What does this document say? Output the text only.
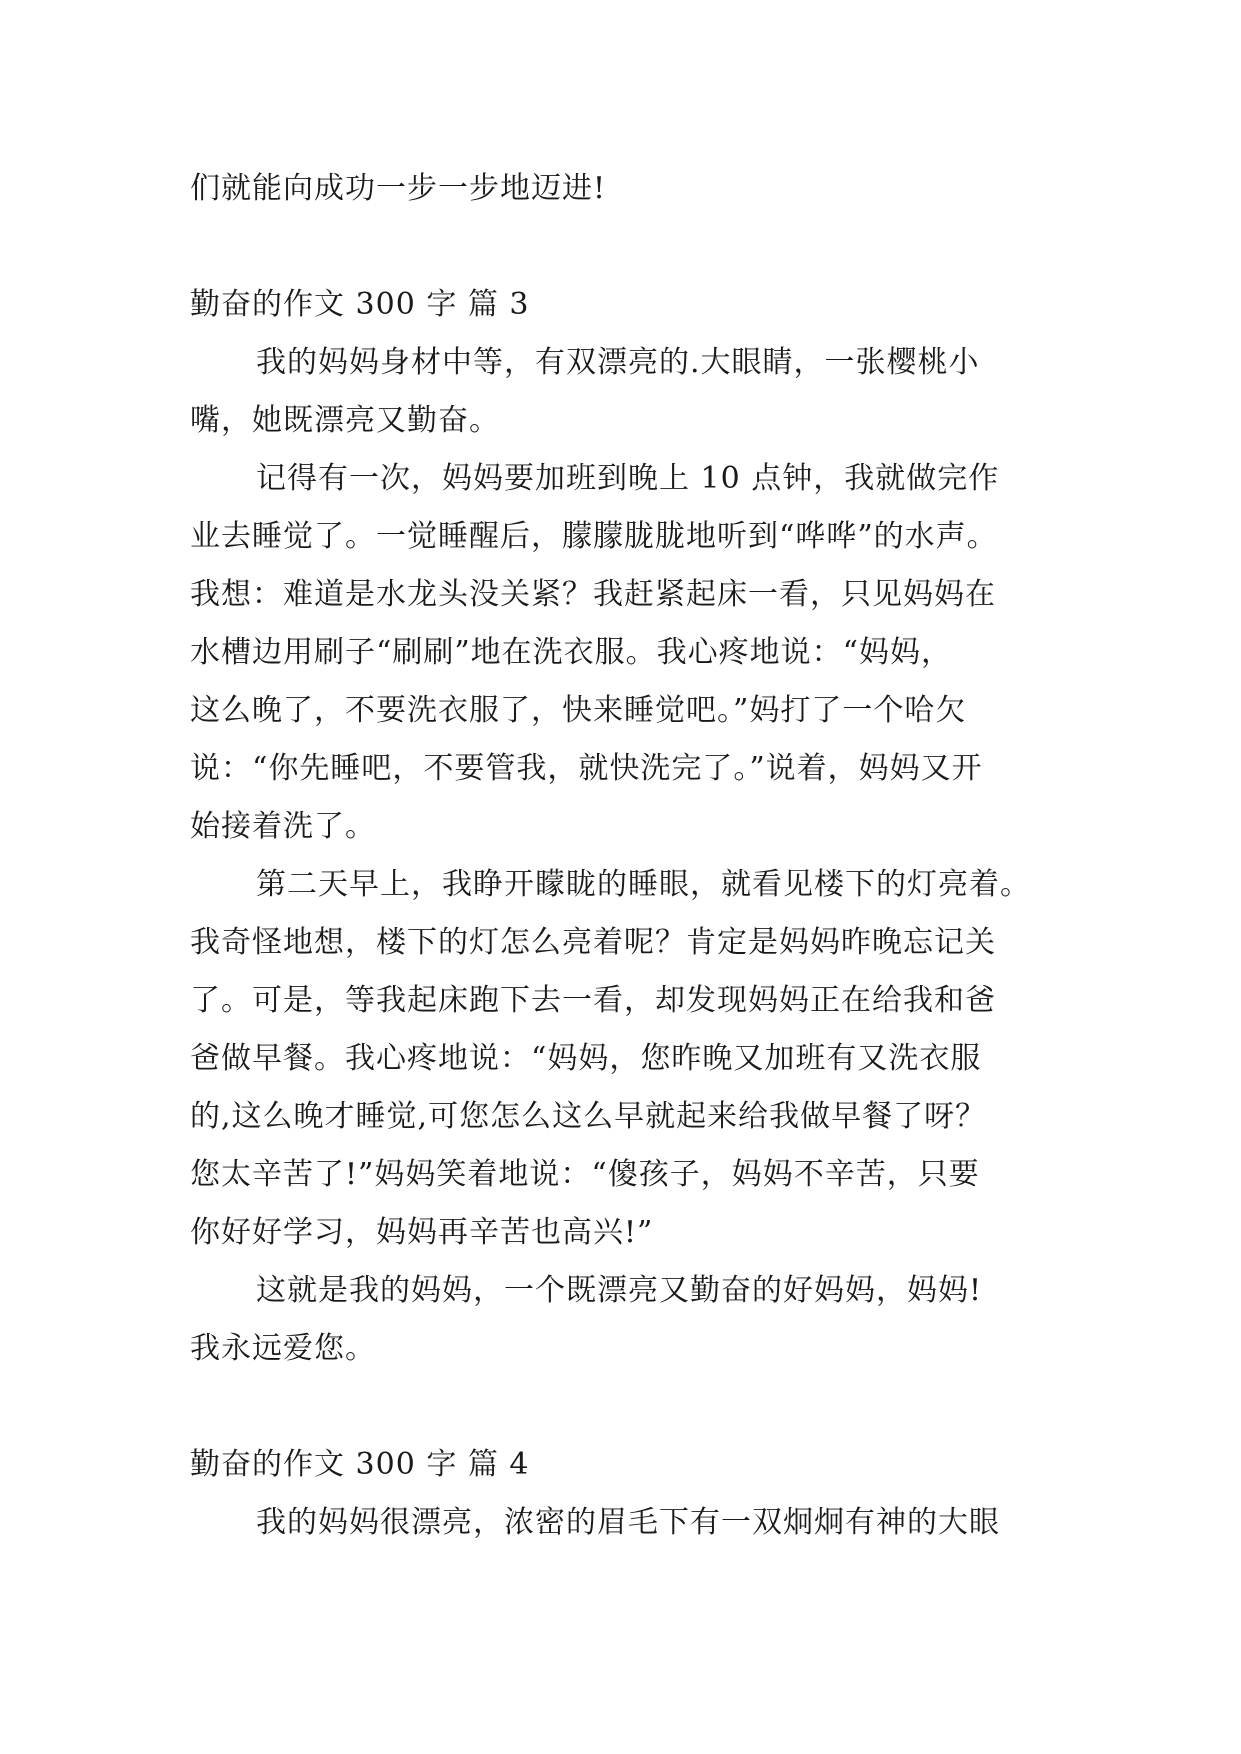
们就能向成功一步一步地迈进!
勤奋的作文 300 字 篇 3
我的妈妈身材中等，有双漂亮的.大眼睛，一张樱桃小
嘴，她既漂亮又勤奋。
记得有一次，妈妈要加班到晚上 10 点钟，我就做完作
业去睡觉了。一觉睡醒后，朦朦胧胧地听到“哗哗”的水声。
我想：难道是水龙头没关紧？我赶紧起床一看，只见妈妈在
水槽边用刷子“刷刷”地在洗衣服。我心疼地说：“妈妈，
这么晚了，不要洗衣服了，快来睡觉吧。”妈打了一个哈欠
说：“你先睡吧，不要管我，就快洗完了。”说着，妈妈又开
始接着洗了。
第二天早上，我睁开矇眬的睡眼，就看见楼下的灯亮着。
我奇怪地想，楼下的灯怎么亮着呢？肯定是妈妈昨晚忘记关
了。可是，等我起床跑下去一看，却发现妈妈正在给我和爸
爸做早餐。我心疼地说：“妈妈，您昨晚又加班有又洗衣服
的,这么晚才睡觉,可您怎么这么早就起来给我做早餐了呀？
您太辛苦了!”妈妈笑着地说：“傻孩子，妈妈不辛苦，只要
你好好学习，妈妈再辛苦也高兴!”
这就是我的妈妈，一个既漂亮又勤奋的好妈妈，妈妈!
我永远爱您。
勤奋的作文 300 字 篇 4
我的妈妈很漂亮，浓密的眉毛下有一双炯炯有神的大眼
